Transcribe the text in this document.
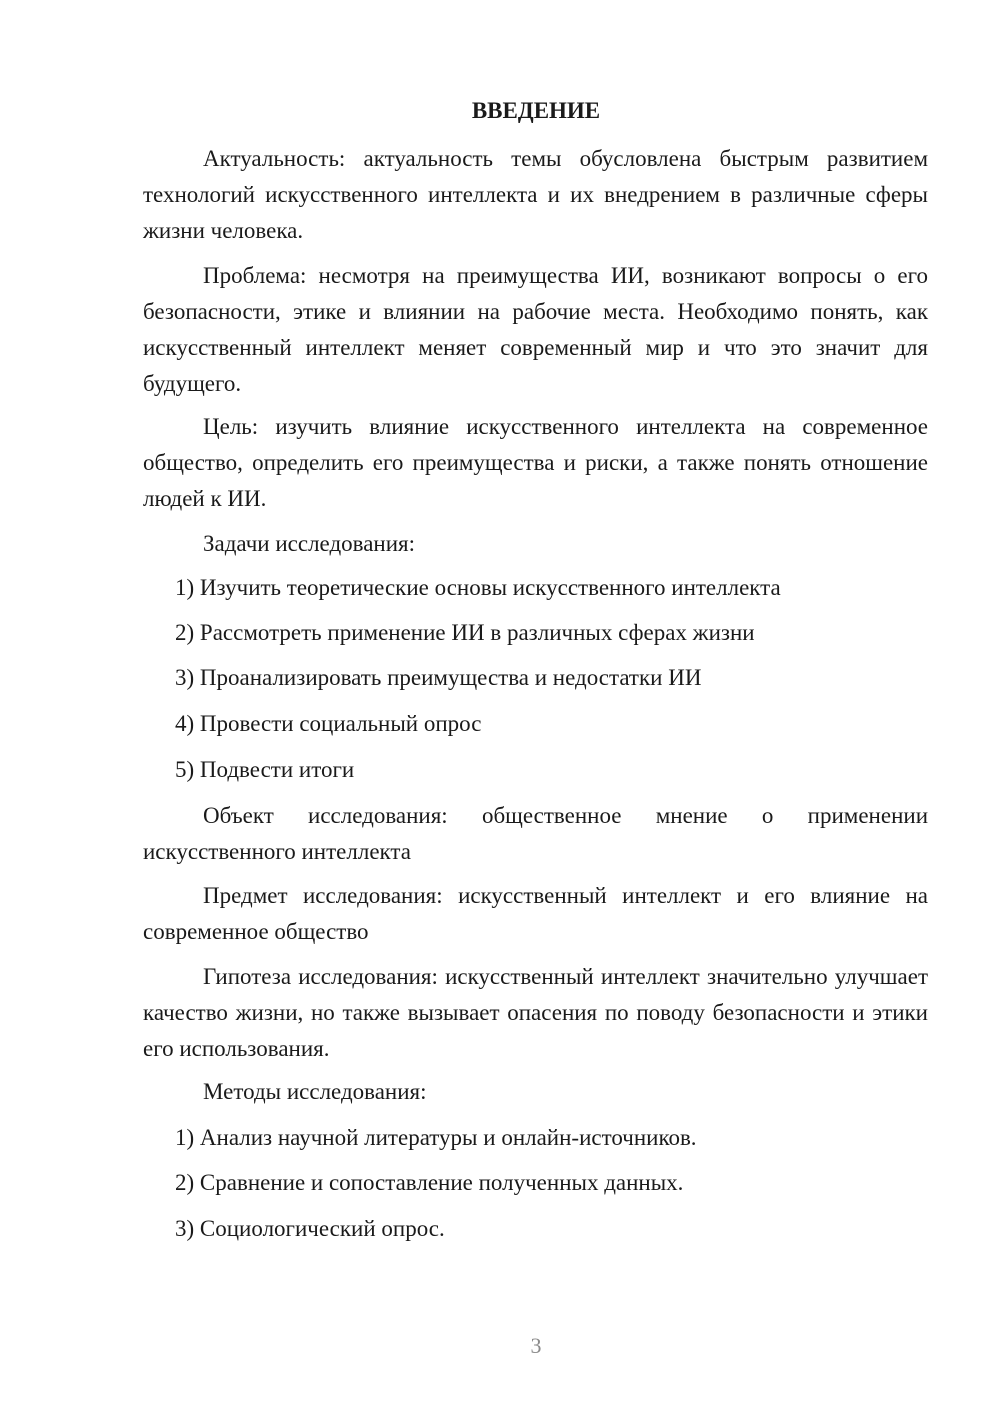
ВВЕДЕНИЕ

Актуальность: актуальность темы обусловлена быстрым развитием технологий искусственного интеллекта и их внедрением в различные сферы жизни человека.

Проблема: несмотря на преимущества ИИ, возникают вопросы о его безопасности, этике и влиянии на рабочие места. Необходимо понять, как искусственный интеллект меняет современный мир и что это значит для будущего.

Цель: изучить влияние искусственного интеллекта на современное общество, определить его преимущества и риски, а также понять отношение людей к ИИ.

Задачи исследования:

1) Изучить теоретические основы искусственного интеллекта

2) Рассмотреть применение ИИ в различных сферах жизни

3) Проанализировать преимущества и недостатки ИИ

4) Провести социальный опрос

5) Подвести итоги

Объект исследования: общественное мнение о применении искусственного интеллекта

Предмет исследования: искусственный интеллект и его влияние на современное общество

Гипотеза исследования: искусственный интеллект значительно улучшает качество жизни, но также вызывает опасения по поводу безопасности и этики его использования.

Методы исследования:

1) Анализ научной литературы и онлайн-источников.

2) Сравнение и сопоставление полученных данных.

3) Социологический опрос.

3
